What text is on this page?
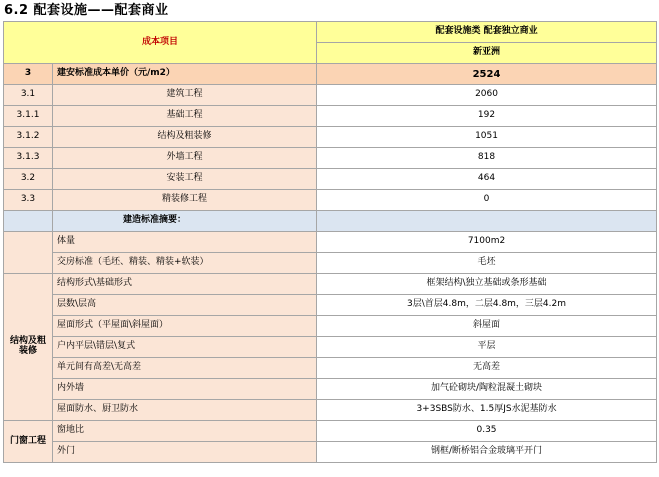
6.2 配套设施——配套商业
成本项目		配套设施类 配套独立商业
		新亚洲
3	建安标准成本单价（元/m2）	2524
3.1	建筑工程	2060
3.1.1	基础工程	192
3.1.2	结构及粗装修	1051
3.1.3	外墙工程	818
3.2	安装工程	464
3.3	精装修工程	0
	建造标准摘要：	
	体量	7100m2
	交房标准（毛坯、精装、精装+软装）	毛坯
结构及粗装修	结构形式\基础形式	框架结构\独立基础或条形基础
	层数\层高	3层\首层4.8m，二层4.8m，三层4.2m
	屋面形式（平屋面\斜屋面）	斜屋面
	户内平层\错层\复式	平层
	单元间有高差\无高差	无高差
	内外墙	加气砼砌块/陶粒混凝土砌块
	屋面防水、厨卫防水	3+3SBS防水、1.5厚JS水泥基防水
门窗工程	窗地比	0.35
	外门	钢框/断桥铝合金玻璃平开门
